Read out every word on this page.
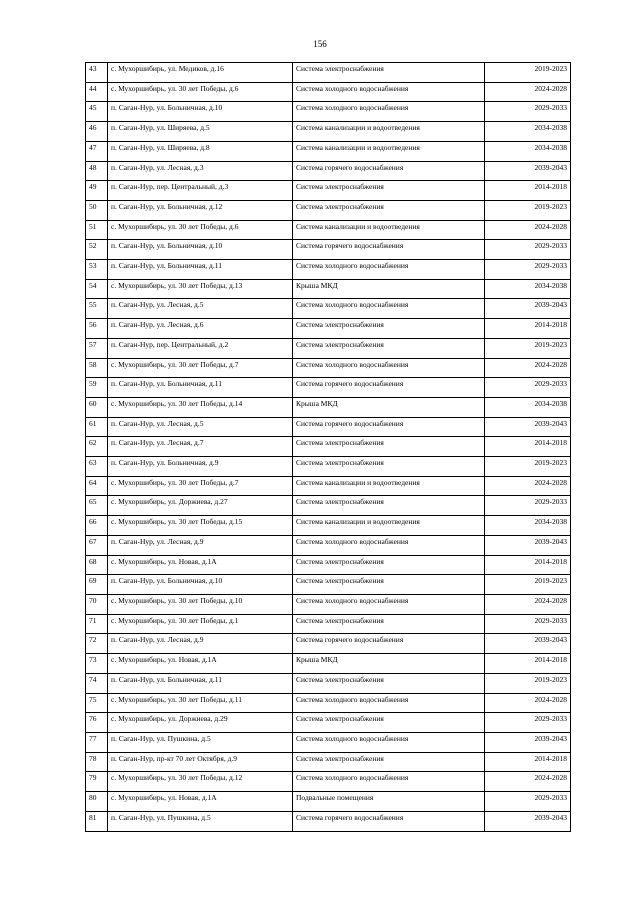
156
43	с. Мухоршибирь, ул. Медиков, д.16	Система электроснабжения	2019-2023
44	с. Мухоршибирь, ул. 30 лет Победы, д.6	Система холодного водоснабжения	2024-2028
45	п. Саган-Нур, ул. Больничная, д.10	Система холодного водоснабжения	2029-2033
46	п. Саган-Нур, ул. Ширяева, д.5	Система канализации и водоотведения	2034-2038
47	п. Саган-Нур, ул. Ширяева, д.8	Система канализации и водоотведения	2034-2038
48	п. Саган-Нур, ул. Лесная, д.3	Система горячего водоснабжения	2039-2043
49	п. Саган-Нур, пер. Центральный, д.3	Система электроснабжения	2014-2018
50	п. Саган-Нур, ул. Больничная, д.12	Система электроснабжения	2019-2023
51	с. Мухоршибирь, ул. 30 лет Победы, д.6	Система канализации и водоотведения	2024-2028
52	п. Саган-Нур, ул. Больничная, д.10	Система горячего водоснабжения	2029-2033
53	п. Саган-Нур, ул. Больничная, д.11	Система холодного водоснабжения	2029-2033
54	с. Мухоршибирь, ул. 30 лет Победы, д.13	Крыша МКД	2034-2038
55	п. Саган-Нур, ул. Лесная, д.5	Система холодного водоснабжения	2039-2043
56	п. Саган-Нур, ул. Лесная, д.6	Система электроснабжения	2014-2018
57	п. Саган-Нур, пер. Центральный, д.2	Система электроснабжения	2019-2023
58	с. Мухоршибирь, ул. 30 лет Победы, д.7	Система холодного водоснабжения	2024-2028
59	п. Саган-Нур, ул. Больничная, д.11	Система горячего водоснабжения	2029-2033
60	с. Мухоршибирь, ул. 30 лет Победы, д.14	Крыша МКД	2034-2038
61	п. Саган-Нур, ул. Лесная, д.5	Система горячего водоснабжения	2039-2043
62	п. Саган-Нур, ул. Лесная, д.7	Система электроснабжения	2014-2018
63	п. Саган-Нур, ул. Больничная, д.9	Система электроснабжения	2019-2023
64	с. Мухоршибирь, ул. 30 лет Победы, д.7	Система канализации и водоотведения	2024-2028
65	с. Мухоршибирь, ул. Доржиева, д.27	Система электроснабжения	2029-2033
66	с. Мухоршибирь, ул. 30 лет Победы, д.15	Система канализации и водоотведения	2034-2038
67	п. Саган-Нур, ул. Лесная, д.9	Система холодного водоснабжения	2039-2043
68	с. Мухоршибирь, ул. Новая, д.1А	Система электроснабжения	2014-2018
69	п. Саган-Нур, ул. Больничная, д.10	Система электроснабжения	2019-2023
70	с. Мухоршибирь, ул. 30 лет Победы, д.10	Система холодного водоснабжения	2024-2028
71	с. Мухоршибирь, ул. 30 лет Победы, д.1	Система электроснабжения	2029-2033
72	п. Саган-Нур, ул. Лесная, д.9	Система горячего водоснабжения	2039-2043
73	с. Мухоршибирь, ул. Новая, д.1А	Крыша МКД	2014-2018
74	п. Саган-Нур, ул. Больничная, д.11	Система электроснабжения	2019-2023
75	с. Мухоршибирь, ул. 30 лет Победы, д.11	Система холодного водоснабжения	2024-2028
76	с. Мухоршибирь, ул. Доржиева, д.29	Система электроснабжения	2029-2033
77	п. Саган-Нур, ул. Пушкина, д.5	Система холодного водоснабжения	2039-2043
78	п. Саган-Нур, пр-кт 70 лет Октября, д.9	Система электроснабжения	2014-2018
79	с. Мухоршибирь, ул. 30 лет Победы, д.12	Система холодного водоснабжения	2024-2028
80	с. Мухоршибирь, ул. Новая, д.1А	Подвальные помещения	2029-2033
81	п. Саган-Нур, ул. Пушкина, д.5	Система горячего водоснабжения	2039-2043
